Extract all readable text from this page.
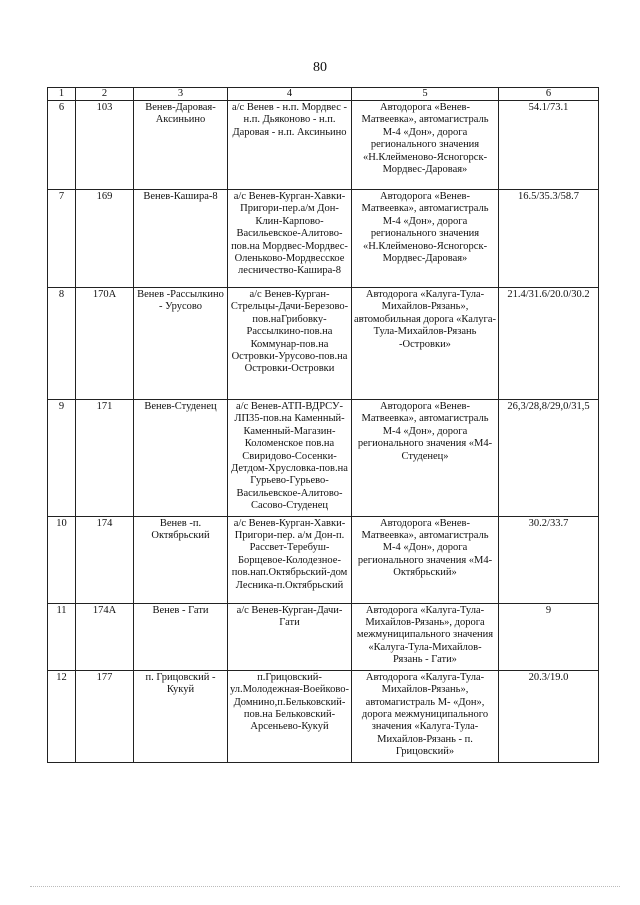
80
1	2	3	4	5	6
6	103	Венев-Даровая-Аксиньино	а/с Венев - н.п. Мордвес - н.п. Дьяконово - н.п. Даровая - н.п. Аксиньино	Автодорога «Венев-Матвеевка», автомагистраль М-4 «Дон», дорога регионального значения «Н.Клейменово-Ясногорск-Мордвес-Даровая»	54.1/73.1
7	169	Венев-Кашира-8	а/с Венев-Курган-Хавки-Пригори-пер.а/м Дон-Клин-Карпово-Васильевское-Алитово-пов.на Мордвес-Мордвес-Оленьково-Мордвесское лесничество-Кашира-8	Автодорога «Венев-Матвеевка», автомагистраль М-4 «Дон», дорога регионального значения «Н.Клейменово-Ясногорск-Мордвес-Даровая»	16.5/35.3/58.7
8	170А	Венев -Рассылкино - Урусово	а/с Венев-Курган-Стрельцы-Дачи-Березово-пов.наГрибовку-Рассылкино-пов.на Коммунар-пов.на Островки-Урусово-пов.на Островки-Островки	Автодорога «Калуга-Тула-Михайлов-Рязань», автомобильная дорога «Калуга-Тула-Михайлов-Рязань -Островки»	21.4/31.6/20.0/30.2
9	171	Венев-Студенец	а/с Венев-АТП-ВДРСУ-ЛП35-пов.на Каменный-Каменный-Магазин-Коломенское пов.на Свиридово-Сосенки-Детдом-Хрусловка-пов.на Гурьево-Гурьево-Васильевское-Алитово-Сасово-Студенец	Автодорога «Венев-Матвеевка», автомагистраль М-4 «Дон», дорога регионального значения «М4-Студенец»	26,3/28,8/29,0/31,5
10	174	Венев -п. Октябрьский	а/с Венев-Курган-Хавки-Пригори-пер. а/м Дон-п. Рассвет-Теребуш-Борщевое-Колодезное-пов.нап.Октябрьский-дом Лесника-п.Октябрьский	Автодорога «Венев-Матвеевка», автомагистраль М-4 «Дон», дорога регионального значения «М4-Октябрьский»	30.2/33.7
11	174А	Венев - Гати	а/с Венев-Курган-Дачи-Гати	Автодорога «Калуга-Тула-Михайлов-Рязань», дорога межмуниципального значения «Калуга-Тула-Михайлов-Рязань - Гати»	9
12	177	п. Грицовский - Кукуй	п.Грицовский-ул.Молодежная-Воейково-Домнино,п.Бельковский-пов.на Бельковский-Арсеньево-Кукуй	Автодорога «Калуга-Тула-Михайлов-Рязань», автомагистраль М- «Дон», дорога межмуниципального значения «Калуга-Тула-Михайлов-Рязань - п. Грицовский»	20.3/19.0
